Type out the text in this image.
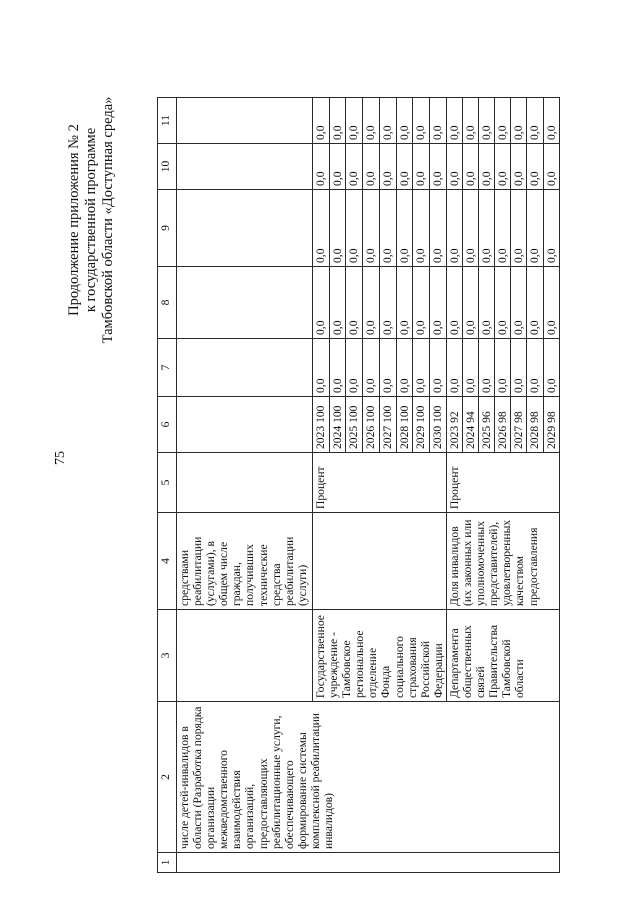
75
Продолжение приложения № 2 к государственной программе Тамбовской области «Доступная среда»
1	2	3	4	5	6	7	8	9	10	11
	числе детей-инвалидов в области (Разработка порядка организации межведомственного взаимодействия организаций, предоставляющих реабилитационные услуги, обеспечивающего формирование системы комплексной реабилитации инвалидов)		средствами реабилитации (услугами), в общем числе граждан, получивших технические средства реабилитации (услуги)							
		Государственное учреждение - Тамбовское региональное отделение Фонда социального страхования Российской Федерации		Процент	2023 100	0,0	0,0	0,0	0,0	0,0
					2024 100	0,0	0,0	0,0	0,0	0,0
					2025 100	0,0	0,0	0,0	0,0	0,0
					2026 100	0,0	0,0	0,0	0,0	0,0
					2027 100	0,0	0,0	0,0	0,0	0,0
					2028 100	0,0	0,0	0,0	0,0	0,0
					2029 100	0,0	0,0	0,0	0,0	0,0
					2030 100	0,0	0,0	0,0	0,0	0,0
		Департамента общественных связей Правительства Тамбовской области	Доля инвалидов (их законных или уполномоченных представителей), удовлетворенных качеством предоставления	Процент	2023 92	0,0	0,0	0,0	0,0	0,0
					2024 94	0,0	0,0	0,0	0,0	0,0
					2025 96	0,0	0,0	0,0	0,0	0,0
					2026 98	0,0	0,0	0,0	0,0	0,0
					2027 98	0,0	0,0	0,0	0,0	0,0
					2028 98	0,0	0,0	0,0	0,0	0,0
					2029 98	0,0	0,0	0,0	0,0	0,0
